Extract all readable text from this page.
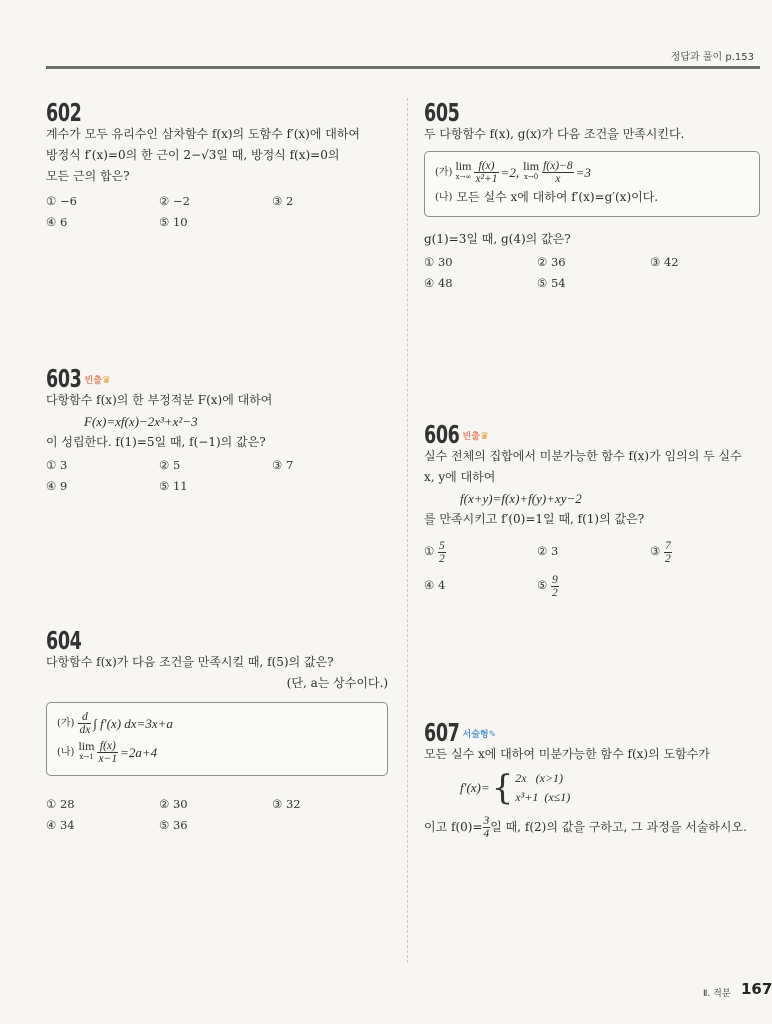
정답과 풀이 p.153
602
계수가 모두 유리수인 삼차함수 f(x)의 도함수 f′(x)에 대하여
방정식 f′(x)=0의 한 근이 2−√3일 때, 방정식 f(x)=0의
모든 근의 합은?
① −6	② −2	③ 2
④ 6	⑤ 10
603 빈출♛
다항함수 f(x)의 한 부정적분 F(x)에 대하여
F(x)=xf(x)−2x³+x²−3
이 성립한다. f(1)=5일 때, f(−1)의 값은?
① 3	② 5	③ 7
④ 9	⑤ 11
604
다항함수 f(x)가 다음 조건을 만족시킬 때, f(5)의 값은?
(단, a는 상수이다.)
(가) $\frac{d}{dx}$ ∫ f′(x) dx=3x+a
(나) lim
$x\to 1 \frac{f(x)}{x-1} =2a+4$
① 28	② 30	③ 32
④ 34	⑤ 36
605
두 다항함수 f(x), g(x)가 다음 조건을 만족시킨다.
(가) lim
$x\to\infty \frac{f(x)}{\text{x²+1}} =2$, lim
$x\to 0 \frac{f(x)-8}{x} =3$
(나) 모든 실수 x에 대하여 f′(x)=g′(x)이다.
g(1)=3일 때, g(4)의 값은?
① 30	② 36	③ 42
④ 48	⑤ 54
606 빈출♛
실수 전체의 집합에서 미분가능한 함수 f(x)가 임의의 두 실수
x, y에 대하여
f(x+y)=f(x)+f(y)+xy−2
를 만족시키고 f′(0)=1일 때, f(1)의 값은?
① $\frac{5}{2}$	② 3	③ $\frac{7}{2}$
④ 4	⑤ $\frac{9}{2}$
607 서술형✎
모든 실수 x에 대하여 미분가능한 함수 f(x)의 도함수가
f′(x)= { 2x   (x>1)
x³+1  (x≤1)
이고 $f(0)= \frac{3}{4}$ 일 때, f(2)의 값을 구하고, 그 과정을 서술하시오.
Ⅱ. 적분 167
